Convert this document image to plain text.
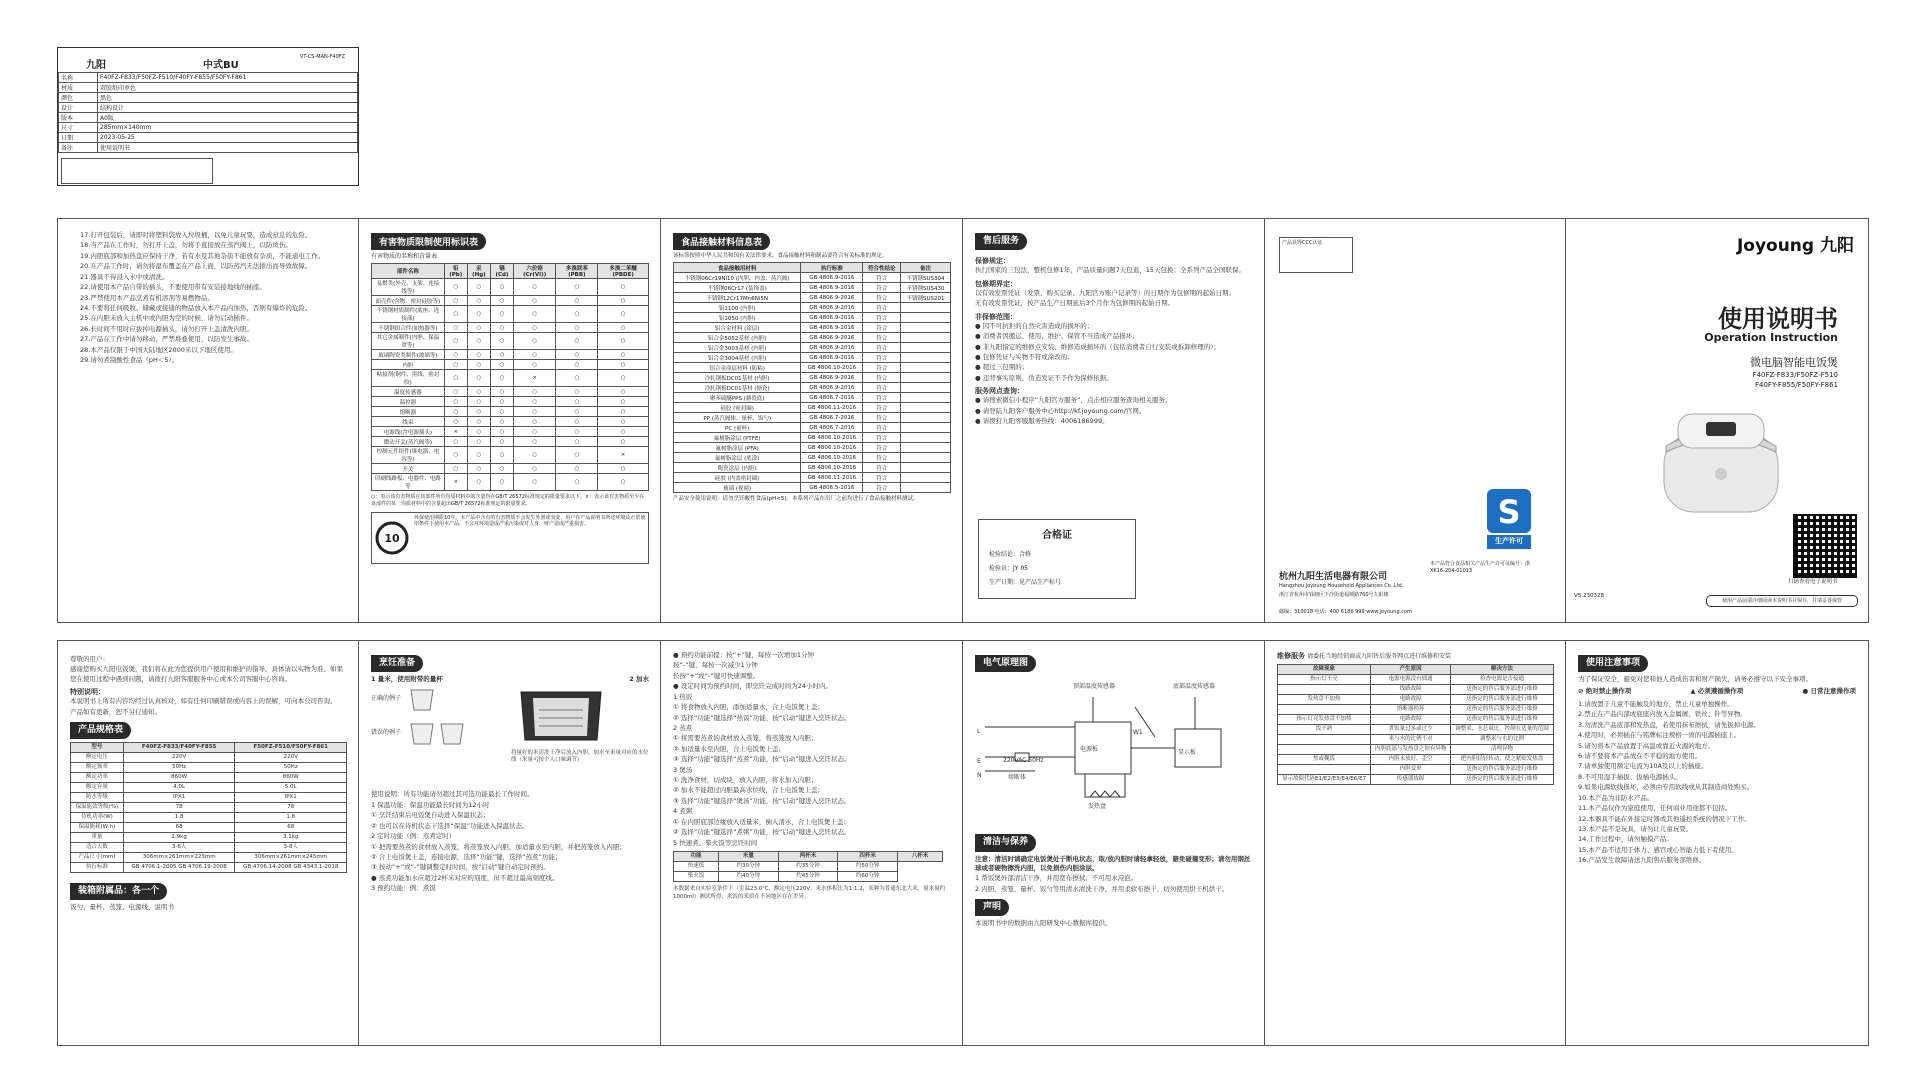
九阳	中式BU
VT-CS-MAN-F40FZ
名称	F40FZ-F833/F50FZ-F510/F40FY-F855/F50FY-F861
材质	双胶纸印单色
颜色	黑色
设计	结构设计
版本	A0版
尺寸	285mm×140mm
日期	2023-05-25
备注	使用说明书

17.打开包装后，请即时将塑料袋放入垃圾桶，以免儿童玩耍，造成窒息的危险。

18.当产品在工作时，勿打开上盖，勿将手直接放在蒸汽阀上，以防烫伤。

19.内胆底部和加热盘应保持干净，若有水及其他杂质不能放有杂质，不能通电工作。

20.在产品工作时，请勿将湿布覆盖在产品上面，以防蒸汽无法排出而导致故障。

21.器具不得浸入水中或清洗。

22.请使用本产品自带的插头，不要使用带有安装接地线的插座。

23.严禁使用本产品烹煮有机溶剂等易燃物品。

24.不要将任何吸收、储藏或接通的物品放入本产品内加热，否则有爆炸的危险。

25.在内胆未放入主机中或内胆为空的时候，请勿启动插件。

26.长时间不用时应拔掉电源插头，请勿打开上盖清洗内胆。

27.产品在工作中请勿移动，严禁堆叠使用，以防发生事故。

28.本产品仅限于中国大陆地区2000米以下地区使用。

29.请勿煮制酸性食品（pH＜5）。

有害物质限制使用标识表
有害物质的名称和含量表
部件名称	铅(Pb)	汞(Hg)	镉(Cd)	六价铬(Cr(VI))	多溴联苯(PBB)	多溴二苯醚(PBDE)
易燃类(外壳、支架、连接线等)	○	○	○	○	○	○
面壳件(含物、密封硅胶等)	○	○	○	○	○	○
不锈钢材质制件(底座、连接部)	○	○	○	○	○	○
不锈钢组合件(加热器等)	○	○	○	○	○	○
其它金属制件(内胆、保温罩等)	○	○	○	○	○	○
玻璃陶瓷类制件(玻璃等)	○	○	○	○	○	○
内胆	○	○	○	○	○	○
粘接剂(铜件、黑线、密封胶)	○	○	○	×	○	○
温度传感器	○	○	○	○	○	○
温控器	○	○	○	○	○	○
熔断器	○	○	○	○	○	○
线束	○	○	○	○	○	○
电源线(含电源插头)	×	○	○	○	○	○
微动开关(蒸汽阀等)	○	○	○	○	○	○
控制元件组件(继电器、电容等)	○	○	○	○	○	×
开关	○	○	○	○	○	○
印刷线路板、电器件、电路等	×	○	○	○	○	○
○：表示该有害物质在该部件所有均质材料中的含量均在GB/T 26572标准规定的限量要求以下。×：表示该有害物质至少在该部件的某一均质材料中的含量超出GB/T 26572标准规定的限量要求。
10
环保使用期限10年。本产品中含有的有害物质不会发生外泄或突变，用户在产品说明书所述环境及正常使用条件下使用本产品，不会对环境造成严重污染或对人身、财产造成严重损害。
食品接触材料信息表
该标签按照中华人民共和国有关法律要求，食品接触材料和制品要符合有关标准的规定。
食品接触用材料	执行标准	符合性结论	备注
不锈钢06Cr19Ni10 (内胆、内盖、蒸汽阀)	GB 4806.9-2016	符合	不锈钢SUS304
不锈钢06Cr17 (装饰盖)	GB 4806.9-2016	符合	不锈钢SUS430
不锈钢12Cr17Mn6Ni5N	GB 4806.9-2016	符合	不锈钢SUS201
铝1100 (内胆)	GB 4806.9-2016	符合	
铝1050 (内胆)	GB 4806.9-2016	符合	
铝合金材料 (涂层)	GB 4806.9-2016	符合	
铝合金5052基材 (内胆)	GB 4806.9-2016	符合	
铝合金3003基材 (内胆)	GB 4806.9-2016	符合	
铝合金3004基材 (内胆)	GB 4806.9-2016	符合	
铝合金涂层材料 (防粘)	GB 4806.10-2016	符合	
冷轧钢板DC01基材 (内胆)	GB 4806.9-2016	符合	
冷轧钢板DC01基材 (搪瓷)	GB 4806.9-2016	符合	
聚苯硫醚PPS (搪瓷底)	GB 4806.7-2016	符合	
硅胶 (密封圈)	GB 4806.11-2016	符合	
PP (蒸汽阀体、量杯、饭勺)	GB 4806.7-2016	符合	
PC (量杯)	GB 4806.7-2016	符合	
氟树脂涂层 (PTFE)	GB 4806.10-2016	符合	
氟树脂涂层 (PFA)	GB 4806.10-2016	符合	
氟树脂涂层 (底涂)	GB 4806.10-2016	符合	
陶瓷涂层 (内胆)	GB 4806.10-2016	符合	
硅胶 (内盖密封圈)	GB 4806.11-2016	符合	
玻璃 (视窗)	GB 4806.5-2016	符合	
产品安全使用说明：请勿烹饪酸性食品(pH<5)。本系列产品在出厂之前均进行了食品接触材料测试。
售后服务
保修规定：

执行国家的三包法，整机包修1年，产品质量问题7天包退，15天包换；全系列产品全国联保。

包修期界定：

以有效发票凭证（发票、购买记录、九阳官方账户记录等）的日期作为包修期的起始日期；

无有效发票凭证，按产品生产日期延后3个月作为包修期的起始日期。

非保修范围：

● 因不可抗拒的自然灾害造成的损坏的；

● 消费者因搬运、使用、维护、保管不当造成产品损坏；

● 非九阳指定的维修点安装、维修造成损坏的（包括消费者自行安装或拆卸修理的）；

● 包修凭证与实物不符或涂改的；

● 超过三包期的；

● 违背事实原则，伪造发证不予作为保修依据。

服务网点查询：

● 请搜索微信小程序“九阳官方服务”，点击相应服务查询相关服务。

● 请登陆九阳客户服务中心http://kf.joyoung.com/官网。

● 请拨打九阳客服服务热线：4006186999。

合格证

检验结论：合格

检验员：JY 05

生产日期：见产品生产标号

产品获得CCC认证
S
生产许可
本产品符合食品相关产品生产许可证编号：浙XK16-204-01013
杭州九阳生活电器有限公司
Hangzhou Joyoung Household Appliances Co.,Ltd.
浙江省杭州市钱塘区下沙街道福城路760号九阳楼
邮编：310018 电话：400 6186 999 www.joyoung.com
Joyoung 九阳
使用说明书
Operation Instruction
微电脑智能电饭煲
F40FZ-F833/F50FZ-F510
F40FY-F855/F50FY-F861
扫码查看电子说明书
使用产品前请详细阅读本说明书并保存，并请妥善保管
V5 230328

尊敬的用户：

感谢您购买九阳电饭煲，我们将在此为您提供用户使用和维护的指导。具体请以实物为准。如果您在使用过程中遇到问题，请拨打九阳客服服务中心或本公司客服中心咨询。

特别说明：

本说明书上所有内容均经过认真核对，如有任何印刷错误或内容上的误解，可向本公司咨询。

产品如有更新，恕不另行通知。

产品规格表
型号	F40FZ-F833/F40FY-F855	F50FZ-F510/F50FY-F861
额定电压	220V	220V
额定频率	50Hz	50Hz
额定功率	860W	860W
额定容量	4.0L	5.0L
防水等级	IPX1	IPX1
保温能效等级(%)	78	78
待机功率(W)	1.8	1.8
保温能耗(W·h)	68	68
重量	2.9kg	3.1kg
适合人数	3-6人	3-8人
产品尺寸(mm)	306mm×261mm×223mm	306mm×261mm×245mm
执行标准	GB 4706.1-2005 GB 4706.19-2008	GB 4706.14-2008 GB 4343.1-2018
装箱附属品：各一个

饭勺、量杯、蒸笼、电源线、说明书

烹饪准备
1 量米，使用附带的量杯	2 加水
正确的例子
错误的例子
将量好的米清洗干净后放入内胆，加水至米量对应的水位线（米量可按个人口味调节）

使用说明：所有功能请勿超过其可选功能最长工作时间。

1 保温功能：保温功能最长时间为12小时

① 烹饪结束后电饭煲自动进入保温状态；

② 也可以在待机状态下选择“保温”功能进入保温状态。

2 定时功能（例：蒸煮定时）

① 把需要蒸煮的食材放入蒸笼，将蒸笼放入内胆，加适量水至内胆，并把蒸笼放入内胆；

② 合上电饭煲上盖，连接电源，选择“功能”键，选择“蒸煮”功能；

③ 按动“+”或“-”键调整定时时间，按“启动”键自动定时预约。

● 蒸煮功能加水应超过2杯米对应的刻度，但不超过最高刻度线。

3 预约功能：例：煮饭

● 预约功能前提：按“+”键，每按一次增加1分钟

按“-”键，每按一次减少1分钟

长按“+”或“-”键可快速调整。

● 设定时间为预约时间，即烹饪完成时间为24小时内。

1 热饭

① 将食物放入内胆，添加适量水，合上电饭煲上盖；

② 选择“功能”键选择“热饭”功能，按“启动”键进入烹饪状态。

2 蒸煮

① 将需要蒸煮的食材放入蒸笼，将蒸笼放入内胆；

② 加适量水至内胆，合上电饭煲上盖；

③ 选择“功能”键选择“蒸煮”功能，按“启动”键进入烹饪状态。

3 煲汤

① 洗净食材，切成块，放入内胆，将水加入内胆；

② 加水不能超过内胆最高水位线，合上电饭煲上盖；

③ 选择“功能”键选择“煲汤”功能，按“启动”键进入烹饪状态。

4 煮粥

① 在内胆底部边缘放入适量米，倒入清水，合上电饭煲上盖；

② 选择“功能”键选择“煮粥”功能，按“启动”键进入烹饪状态。

5 快速煮、柴火饭等烹饪时间

功能	米量	两杯米	四杯米	八杯米
快速饭	约30分钟	约35分钟	约50分钟	
柴火饭	约40分钟	约45分钟	约60分钟	

本数据来自实验室条件下（室温23.0℃，额定电压220V，米水体积比为1:1.2，米种为普通东北大米，量米量约1000ml）测试所得；米饭的米质在不同地区存在差异。

电气原理图
顶部温度传感器	底部温度传感器
电源板	显示板
W1
220VAC 50Hz
熔断体
发热盘
L
E
N
清洁与保养

注意：清洁时请确定电饭煲处于断电状态，取/放内胆时请轻拿轻放，避免碰撞变形；请勿用钢丝球或者硬物擦洗内胆，以免损伤内胆涂层。

1 帮饭煲外部清洁干净，并用宽布擦拭；不可用水浸泡。

2 内胆、蒸笼、量杯、饭勺等用清水清洗干净，并用柔软布擦干，切勿使用烘干机烘干。

声明

本说明书中的数据由九阳研发中心数据库提供。

维修服务 请委托当地经销商或九阳售后服务网点进行维修和安装
故障现象	产生原因	解决方法
指示灯不亮	电源电源没有插通	检查电源是否接通
	线路故障	送指定的售后服务部进行维修
发热盘不加热	电路故障	送指定的售后服务部进行维修
	熔断器损坏	送指定的售后服务部进行维修
指示灯亮发热盘不加热	电路故障	送指定的售后服务部进行维修
饭不熟	煮饭量过多或过少	调整米、水总量比，控制在适量的范围
	米与水的比例不对	调整米与水的比例
	内胆底部与发热盘之间有异物	清理异物
焦或糊饭	内胆未放好，歪空	把内胆轻轻转动，使之紧贴发热盘
	内胆变形	送指定的售后服务部进行维修
显示故障代码E1/E2/E3/E4/E6/E7	传感器故障	送指定的售后服务部进行维修
使用注意事项

为了保证安全，避免对您和他人造成伤害和财产损失，请务必遵守以下安全事项。

⊘ 绝对禁止操作项	▲ 必须遵循操作项	● 日常注意操作项

1.请放置于儿童不能触及的地方，禁止儿童单独操作。

2.禁止在产品内部或底座内放入金属屑、铁丝、针等异物。

3.勿清洗产品底部和发热盘，若使用抹布擦拭，请先拔掉电源。

4.使用时，必须插在与铭牌标注规格一致的电源插座上。

5.请勿将本产品放置于高温或靠近火源的地方。

6.请不要将本产品放在不平稳的地方使用。

7.请单独使用额定电流为10A及以上的插座。

8.不可用湿手插拔、拔插电源插头。

9.如果电源软线损坏，必须由专用软线或从其制造商处购买。

10.本产品为非防水产品。

11.本产品仅作为家庭使用，任何商业用途都不包括。

12.本器具不能在外接定时器或其他遥控系统的情况下工作。

13.本产品不是玩具，请勿让儿童玩耍。

14.工作过程中，请勿触摸产品。

15.本产品不适用于体力、感官或心智能力低下者使用。

16.产品发生故障请送九阳售后服务部维修。
